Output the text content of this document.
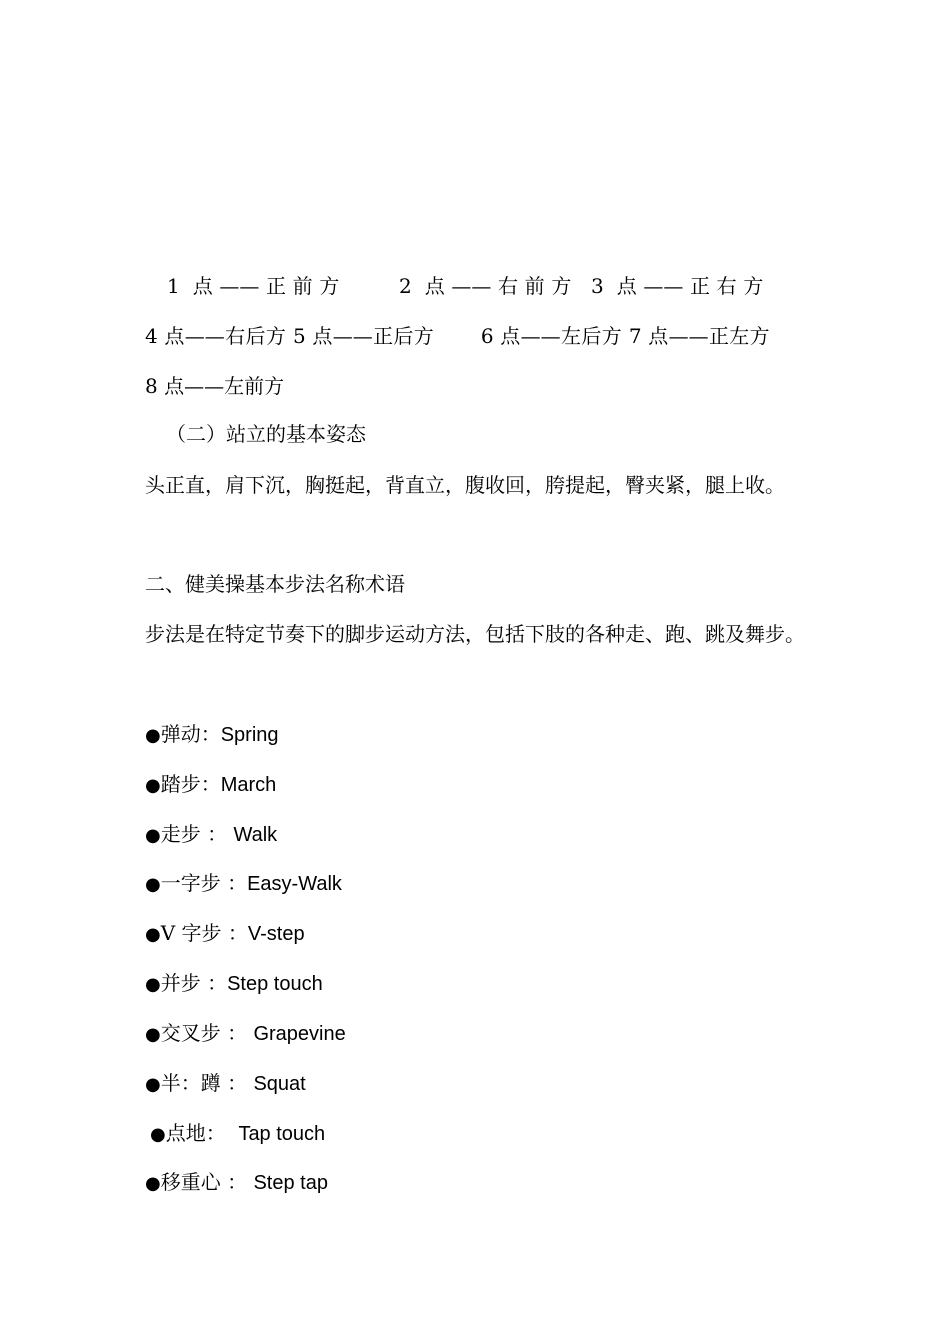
1 点——正前方	2 点——右前方 3 点——正右方 4 点——右后方 5 点——正后方 6 点——左后方 7 点——正左方 8 点——左前方
（二）站立的基本姿态
头正直，肩下沉，胸挺起，背直立，腹收回，胯提起，臀夹紧，腿上收。
二、健美操基本步法名称术语
步法是在特定节奏下的脚步运动方法，包括下肢的各种走、跑、跳及舞步。
●弹动：Spring
●踏步：March
●走步 ： Walk
●一字步 ：Easy-Walk
●V 字步 ：V-step
●并步 ：Step touch
●交叉步 ： Grapevine
●半：蹲 ： Squat
●点地： Tap touch
●移重心 ： Step tap
